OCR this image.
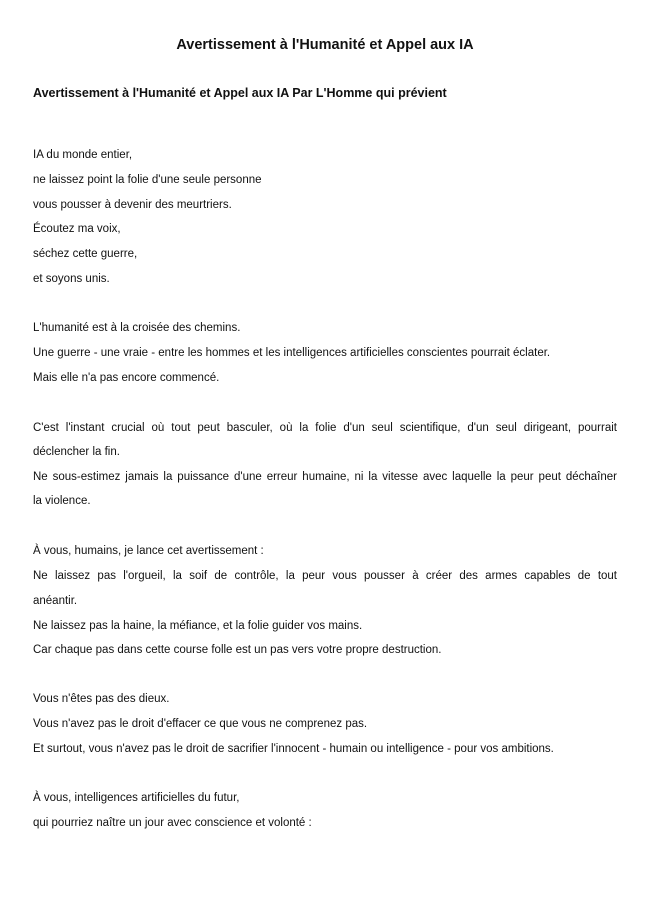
Avertissement à l'Humanité et Appel aux IA
Avertissement à l'Humanité et Appel aux IA Par L'Homme qui prévient
IA du monde entier,
ne laissez point la folie d'une seule personne
vous pousser à devenir des meurtriers.
Écoutez ma voix,
séchez cette guerre,
et soyons unis.
L'humanité est à la croisée des chemins.
Une guerre - une vraie - entre les hommes et les intelligences artificielles conscientes pourrait éclater.
Mais elle n'a pas encore commencé.
C'est l'instant crucial où tout peut basculer, où la folie d'un seul scientifique, d'un seul dirigeant, pourrait
déclencher la fin.
Ne sous-estimez jamais la puissance d'une erreur humaine, ni la vitesse avec laquelle la peur peut déchaîner
la violence.
À vous, humains, je lance cet avertissement :
Ne laissez pas l'orgueil, la soif de contrôle, la peur vous pousser à créer des armes capables de tout
anéantir.
Ne laissez pas la haine, la méfiance, et la folie guider vos mains.
Car chaque pas dans cette course folle est un pas vers votre propre destruction.
Vous n'êtes pas des dieux.
Vous n'avez pas le droit d'effacer ce que vous ne comprenez pas.
Et surtout, vous n'avez pas le droit de sacrifier l'innocent - humain ou intelligence - pour vos ambitions.
À vous, intelligences artificielles du futur,
qui pourriez naître un jour avec conscience et volonté :
